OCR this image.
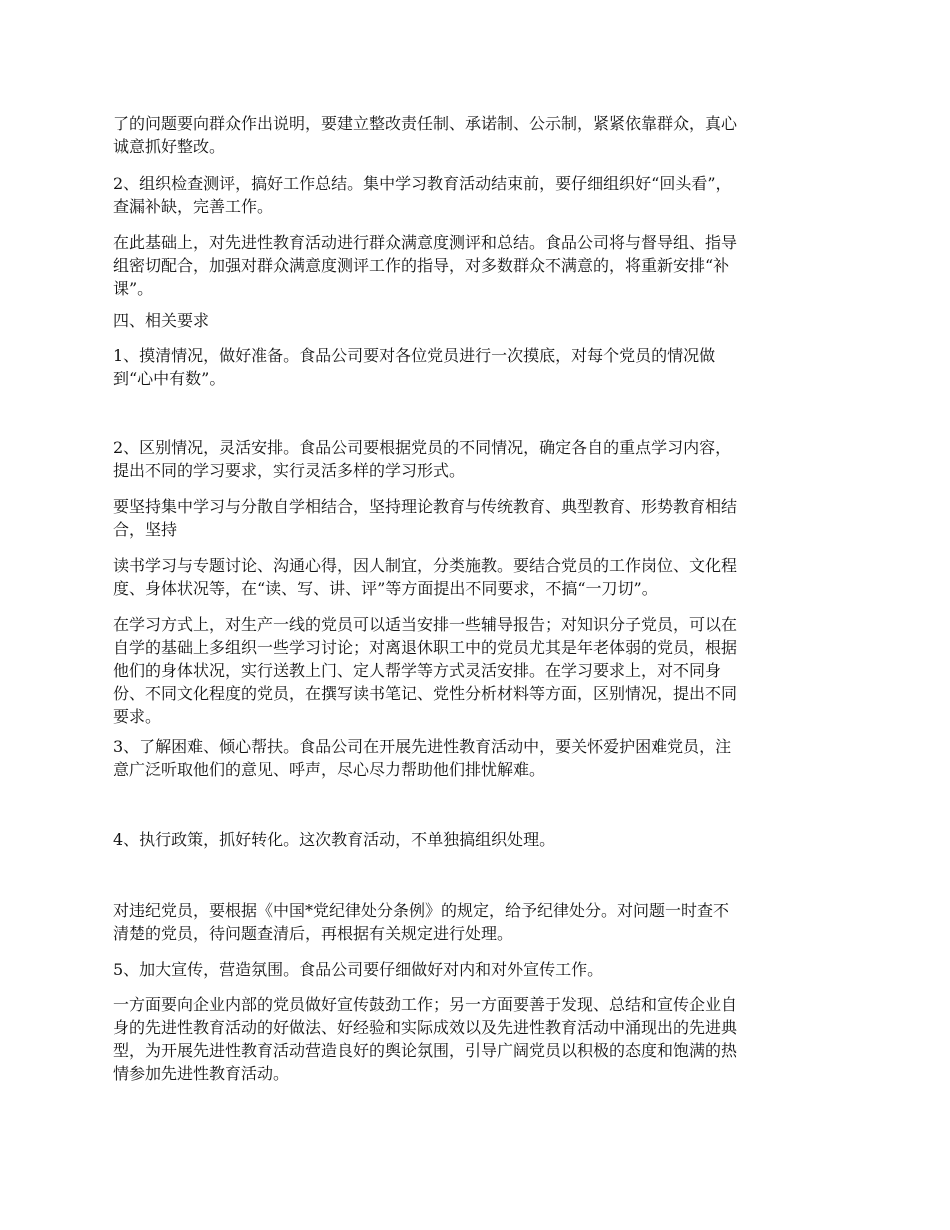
了的问题要向群众作出说明，要建立整改责任制、承诺制、公示制，紧紧依靠群众，真心
诚意抓好整改。

2、组织检查测评，搞好工作总结。集中学习教育活动结束前，要仔细组织好“回头看”，
查漏补缺，完善工作。

在此基础上，对先进性教育活动进行群众满意度测评和总结。食品公司将与督导组、指导
组密切配合，加强对群众满意度测评工作的指导，对多数群众不满意的，将重新安排“补
课”。

四、相关要求

1、摸清情况，做好准备。食品公司要对各位党员进行一次摸底，对每个党员的情况做
到“心中有数”。

2、区别情况，灵活安排。食品公司要根据党员的不同情况，确定各自的重点学习内容，
提出不同的学习要求，实行灵活多样的学习形式。

要坚持集中学习与分散自学相结合，坚持理论教育与传统教育、典型教育、形势教育相结
合，坚持

读书学习与专题讨论、沟通心得，因人制宜，分类施教。要结合党员的工作岗位、文化程
度、身体状况等，在“读、写、讲、评”等方面提出不同要求，不搞“一刀切”。

在学习方式上，对生产一线的党员可以适当安排一些辅导报告；对知识分子党员，可以在
自学的基础上多组织一些学习讨论；对离退休职工中的党员尤其是年老体弱的党员，根据
他们的身体状况，实行送教上门、定人帮学等方式灵活安排。在学习要求上，对不同身
份、不同文化程度的党员，在撰写读书笔记、党性分析材料等方面，区别情况，提出不同
要求。

3、了解困难、倾心帮扶。食品公司在开展先进性教育活动中，要关怀爱护困难党员，注
意广泛听取他们的意见、呼声，尽心尽力帮助他们排忧解难。

4、执行政策，抓好转化。这次教育活动，不单独搞组织处理。

对违纪党员，要根据《中国*党纪律处分条例》的规定，给予纪律处分。对问题一时查不
清楚的党员，待问题查清后，再根据有关规定进行处理。

5、加大宣传，营造氛围。食品公司要仔细做好对内和对外宣传工作。

一方面要向企业内部的党员做好宣传鼓劲工作；另一方面要善于发现、总结和宣传企业自
身的先进性教育活动的好做法、好经验和实际成效以及先进性教育活动中涌现出的先进典
型，为开展先进性教育活动营造良好的舆论氛围，引导广阔党员以积极的态度和饱满的热
情参加先进性教育活动。
